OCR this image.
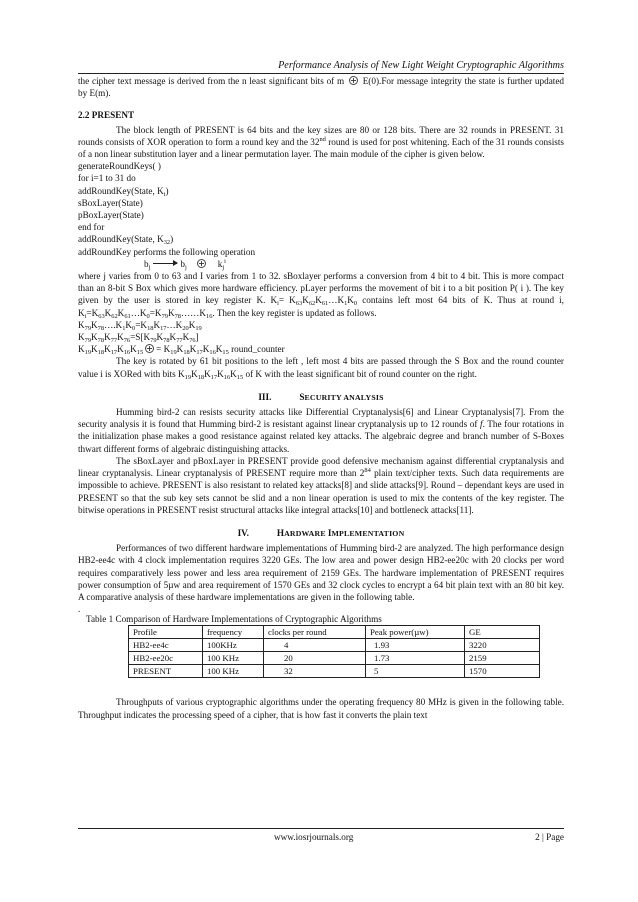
Performance Analysis of New Light Weight Cryptographic Algorithms

the cipher text message is derived from the n least significant bits of m  E(0).For message integrity the state is further updated by E(m).

2.2 PRESENT

The block length of PRESENT is 64 bits and the key sizes are 80 or 128 bits. There are 32 rounds in PRESENT. 31 rounds consists of XOR operation to form a round key and the 32nd round is used for post whitening. Each of the 31 rounds consists of a non linear substitution layer and a linear permutation layer. The main module of the cipher is given below.

generateRoundKeys( )

for i=1 to 31 do

addRoundKey(State, $K_i$)

sBoxLayer(State)

pBoxLayer(State)

end for

addRoundKey(State, $K_{32}$)

addRoundKey performs the following operation

$b_j$	$b_j$	$k_j^i$

where j varies from 0 to 63 and I varies from 1 to 32. sBoxlayer performs a conversion from 4 bit to 4 bit. This is more compact than an 8-bit S Box which gives more hardware efficiency. pLayer performs the movement of bit i to a bit position P( i ). The key given by the user is stored in key register K. $K_i=$ $K_{63}K_{62}K_{61}\dots K_1K_0$ contains left most 64 bits of K. Thus at round i, $K_i=K_{63}K_{62}K_{61}\dots K_0=K_{79}K_{78}\dots\dots K_{16}$. Then the key register is updated as follows.

$K_{79}K_{78}\dots.K_1K_0=K_{18}K_{17}\dots K_{20}K_{19}$

$K_{79}K_{78}K_{77}K_{76}=S[K_{79}K_{78}K_{77}K_{76}]$

$K_{19}K_{18}K_{17}K_{16}K_{15} = K_{19}K_{18}K_{17}K_{16}K_{15}$ round_counter

The key is rotated by 61 bit positions to the left , left most 4 bits are passed through the S Box and the round counter value i is XORed with bits $K_{19}K_{18}K_{17}K_{16}K_{15}$ of K with the least significant bit of round counter on the right.

III.	SECURITY ANALYSIS

Humming bird-2 can resists security attacks like Differential Cryptanalysis[6] and Linear Cryptanalysis[7]. From the security analysis it is found that Humming bird-2 is resistant against linear cryptanalysis up to 12 rounds of f. The four rotations in the initialization phase makes a good resistance against related key attacks. The algebraic degree and branch number of S-Boxes thwart different forms of algebraic distinguishing attacks.

The sBoxLayer and pBoxLayer in PRESENT provide good defensive mechanism against differential cryptanalysis and linear cryptanalysis. Linear cryptanalysis of PRESENT require more than $2^{84}$ plain text/cipher texts. Such data requirements are impossible to achieve. PRESENT is also resistant to related key attacks[8] and slide attacks[9]. Round – dependant keys are used in PRESENT so that the sub key sets cannot be slid and a non linear operation is used to mix the contents of the key register. The bitwise operations in PRESENT resist structural attacks like integral attacks[10] and bottleneck attacks[11].

IV.	HARDWARE IMPLEMENTATION

Performances of two different hardware implementations of Humming bird-2 are analyzed. The high performance design HB2-ee4c with 4 clock implementation requires 3220 GEs. The low area and power design HB2-ee20c with 20 clocks per word requires comparatively less power and less area requirement of 2159 GEs. The hardware implementation of PRESENT requires power consumption of 5µw and area requirement of 1570 GEs and 32 clock cycles to encrypt a 64 bit plain text with an 80 bit key. A comparative analysis of these hardware implementations are given in the following table.

.

Table 1 Comparison of Hardware Implementations of Cryptographic Algorithms

Profile	frequency	clocks per round	Peak power(µw)	GE
HB2-ee4c	100KHz	4	1.93	3220
HB2-ee20c	100 KHz	20	1.73	2159
PRESENT	100 KHz	32	5	1570

Throughputs of various cryptographic algorithms under the operating frequency 80 MHz is given in the following table. Throughput indicates the processing speed of a cipher, that is how fast it converts the plain text

www.iosrjournals.org	2 | Page
